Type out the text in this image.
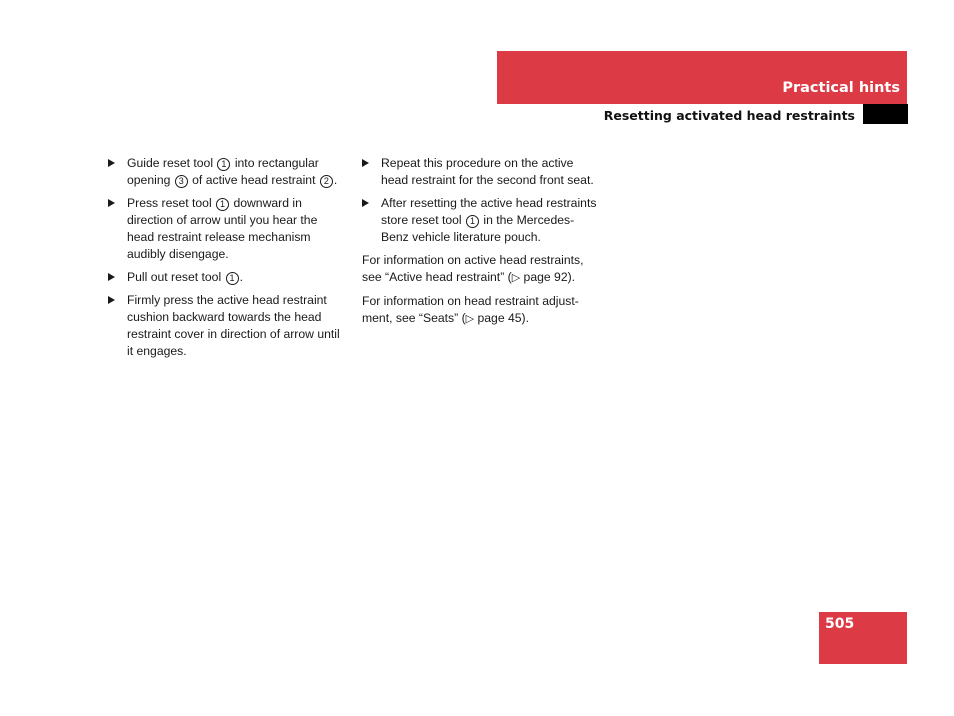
Practical hints
Resetting activated head restraints

Guide reset tool 1 into rectangular opening 3 of active head restraint 2 .

Press reset tool 1 downward in direction of arrow until you hear the head restraint release mechanism audibly disengage.

Pull out reset tool 1 .

Firmly press the active head restraint cushion backward towards the head restraint cover in direction of arrow until it engages.

Repeat this procedure on the active head restraint for the second front seat.

After resetting the active head restraints store reset tool 1 in the Mercedes-Benz vehicle literature pouch.

For information on active head restraints, see “Active head restraint” (▷ page 92).

For information on head restraint adjust-ment, see “Seats” (▷ page 45).

505
